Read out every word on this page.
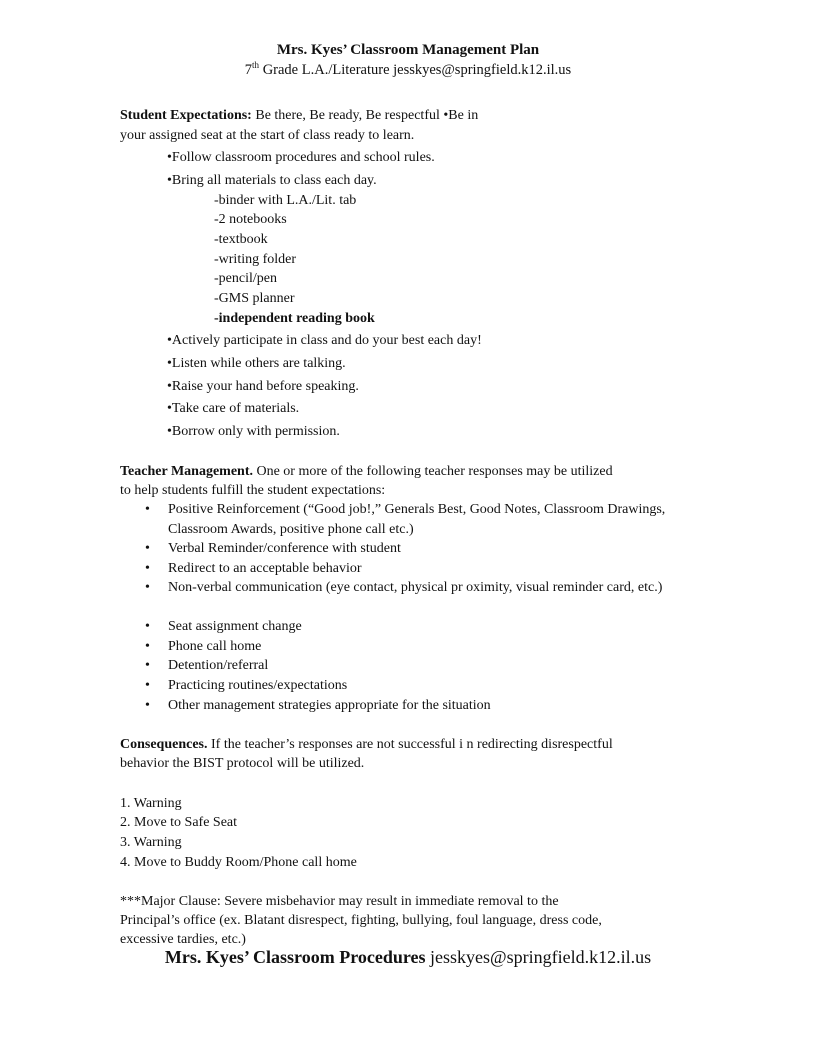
Mrs. Kyes’ Classroom Management Plan
7th Grade L.A./Literature jesskyes@springfield.k12.il.us
Student Expectations: Be there, Be ready, Be respectful •Be in
your assigned seat at the start of class ready to learn.
•Follow classroom procedures and school rules.
•Bring all materials to class each day.
-binder with L.A./Lit. tab
-2 notebooks
-textbook
-writing folder
-pencil/pen
-GMS planner
-independent reading book
•Actively participate in class and do your best each day!
•Listen while others are talking.
•Raise your hand before speaking.
•Take care of materials.
•Borrow only with permission.
Teacher Management. One or more of the following teacher responses may be utilized
to help students fulfill the student expectations:
• Positive Reinforcement (“Good job!,” Generals Best, Good Notes, Classroom Drawings, Classroom Awards, positive phone call etc.)
• Verbal Reminder/conference with student
• Redirect to an acceptable behavior
• Non-verbal communication (eye contact, physical pr oximity, visual reminder card, etc.)
• Seat assignment change
• Phone call home
• Detention/referral
• Practicing routines/expectations
• Other management strategies appropriate for the situation
Consequences. If the teacher’s responses are not successful i n redirecting disrespectful
behavior the BIST protocol will be utilized.
1. Warning
2. Move to Safe Seat
3. Warning
4. Move to Buddy Room/Phone call home
***Major Clause: Severe misbehavior may result in immediate removal to the
Principal’s office (ex. Blatant disrespect, fighting, bullying, foul language, dress code,
excessive tardies, etc.)
Mrs. Kyes’ Classroom Procedures jesskyes@springfield.k12.il.us
